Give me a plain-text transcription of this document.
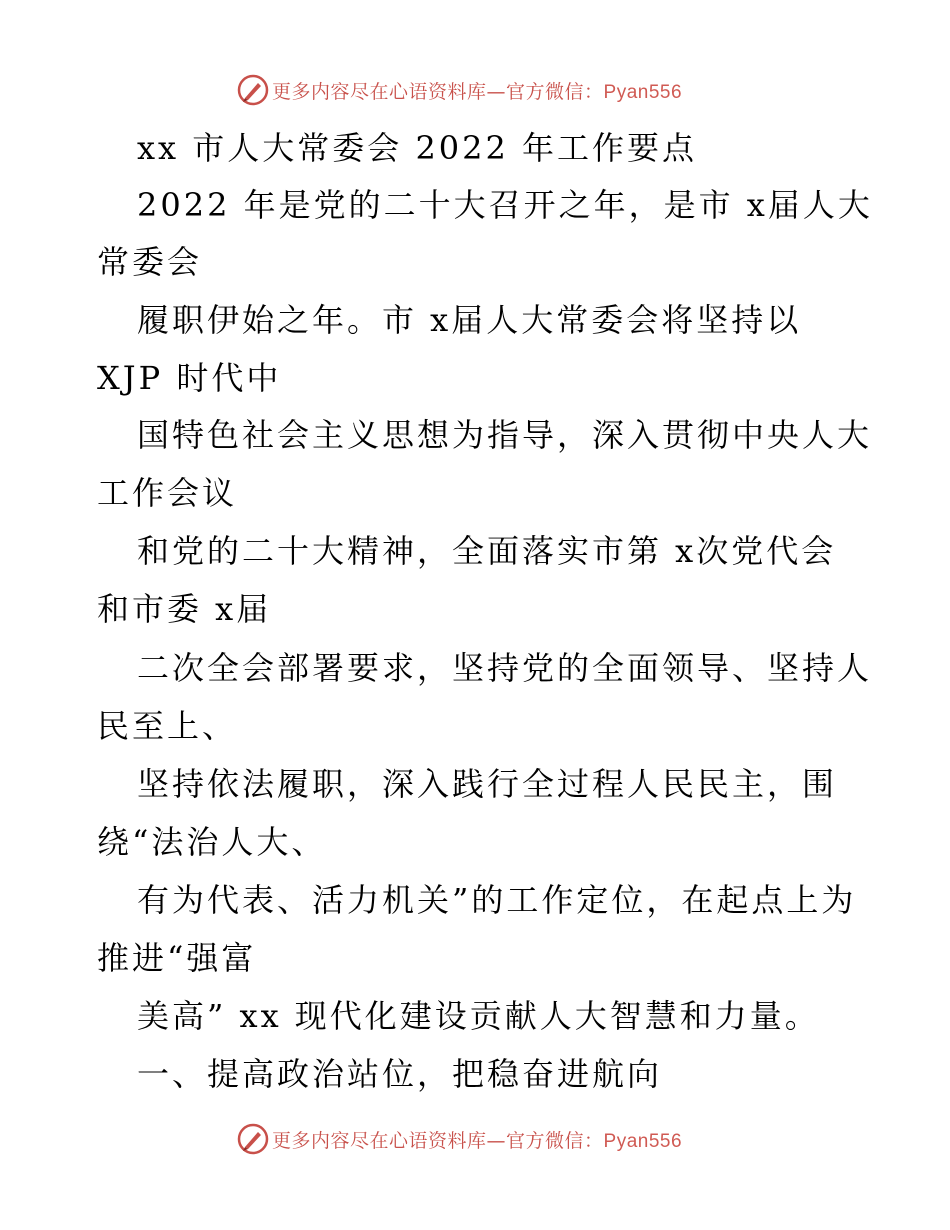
更多内容尽在心语资料库—官方微信：Pyan556

xx 市人大常委会 2022 年工作要点

2022 年是党的二十大召开之年，是市 x届人大

常委会

履职伊始之年。市 x届人大常委会将坚持以

XJP 时代中

国特色社会主义思想为指导，深入贯彻中央人大

工作会议

和党的二十大精神，全面落实市第 x次党代会

和市委 x届

二次全会部署要求，坚持党的全面领导、坚持人

民至上、

坚持依法履职，深入践行全过程人民民主，围

绕“法治人大、

有为代表、活力机关”的工作定位，在起点上为

推进“强富

美高” xx 现代化建设贡献人大智慧和力量。

一、提高政治站位，把稳奋进航向

更多内容尽在心语资料库—官方微信：Pyan556
